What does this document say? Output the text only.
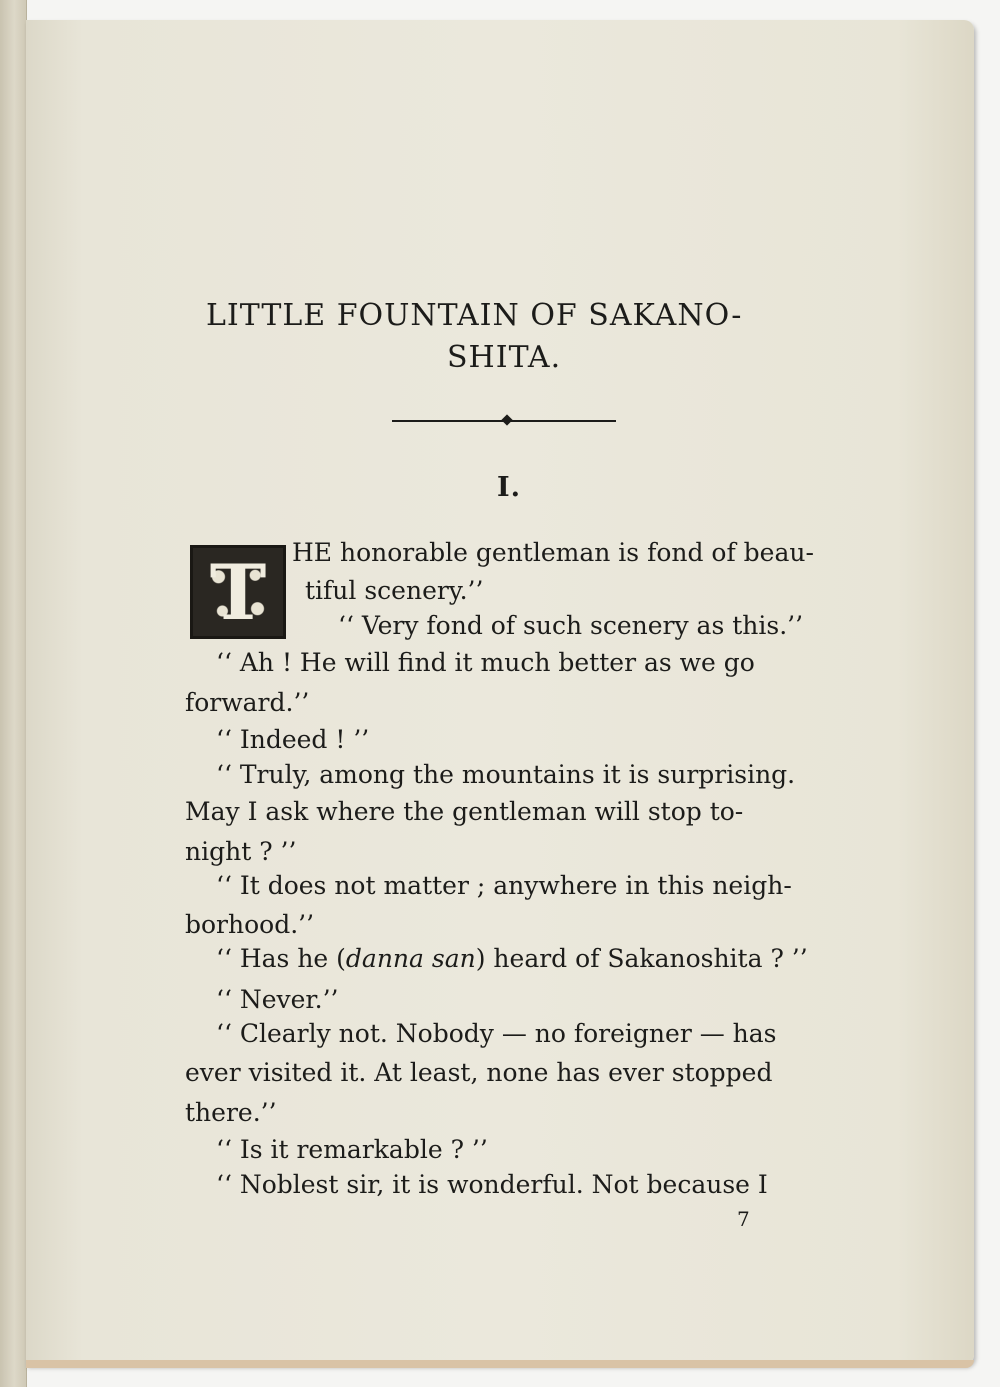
LITTLE FOUNTAIN OF SAKANO-
SHITA.
I.
T	HE honorable gentleman is fond of beau-
tiful scenery.’’
‘‘ Very fond of such scenery as this.’’
‘‘ Ah ! He will find it much better as we go
forward.’’
‘‘ Indeed ! ’’
‘‘ Truly, among the mountains it is surprising.
May I ask where the gentleman will stop to-
night ? ’’
‘‘ It does not matter ; anywhere in this neigh-
borhood.’’
‘‘ Has he (danna san) heard of Sakanoshita ? ’’
‘‘ Never.’’
‘‘ Clearly not. Nobody — no foreigner — has
ever visited it. At least, none has ever stopped
there.’’
‘‘ Is it remarkable ? ’’
‘‘ Noblest sir, it is wonderful. Not because I
7
